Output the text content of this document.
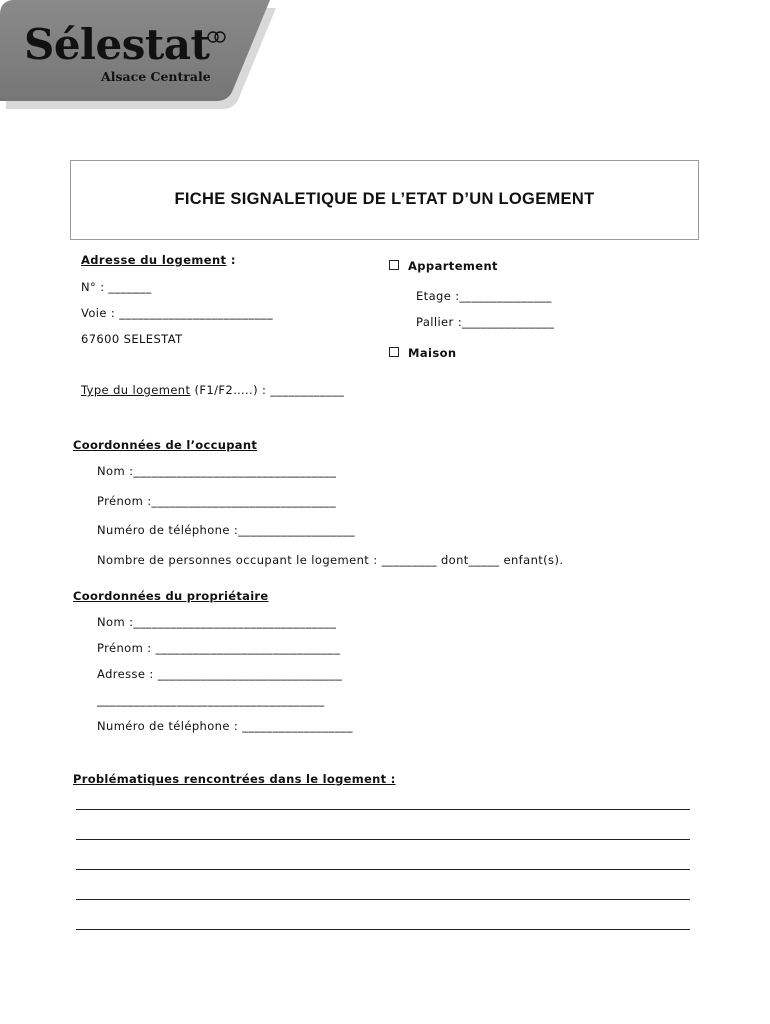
Sélestat
Alsace Centrale
FICHE SIGNALETIQUE DE L’ETAT D’UN LOGEMENT
Adresse du logement :
N° : _______
Voie : _________________________
67600 SELESTAT
Appartement
Etage :_______________
Pallier :_______________
Maison
Type du logement (F1/F2…..) : ____________
Coordonnées de l’occupant
Nom :_________________________________
Prénom :______________________________
Numéro de téléphone :___________________
Nombre de personnes occupant le logement : _________ dont_____ enfant(s).
Coordonnées du propriétaire
Nom :_________________________________
Prénom : ______________________________
Adresse : ______________________________
_____________________________________
Numéro de téléphone : __________________
Problématiques rencontrées dans le logement :
